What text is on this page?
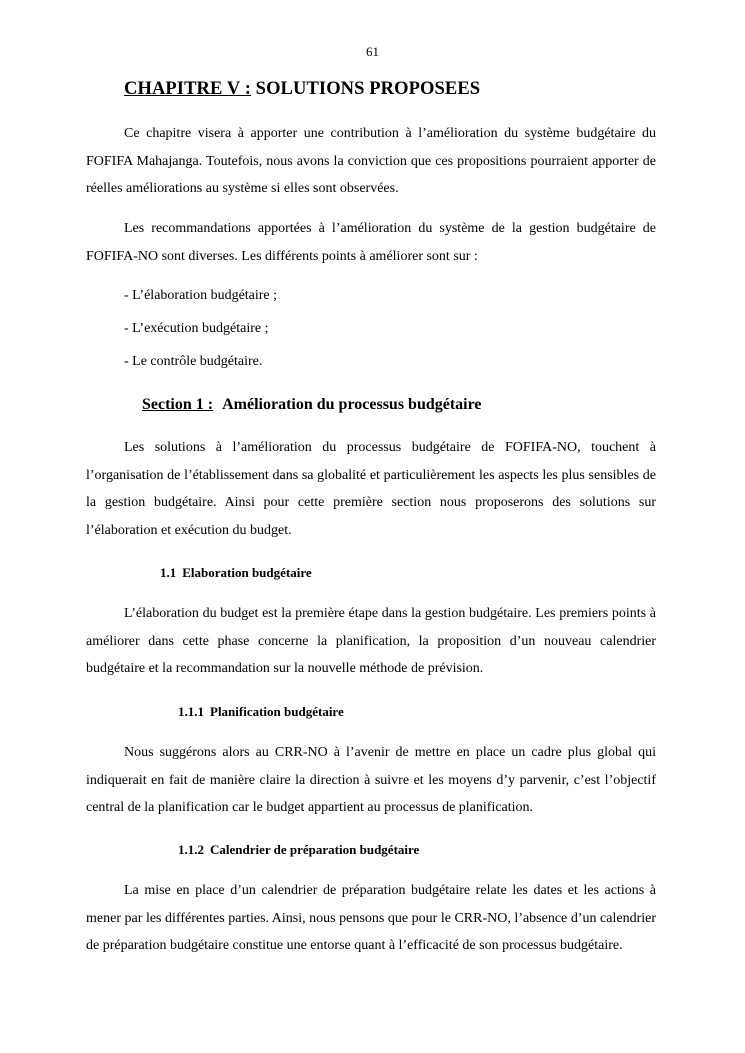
61
CHAPITRE V : SOLUTIONS PROPOSEES

Ce chapitre visera à apporter une contribution à l’amélioration du système budgétaire du FOFIFA Mahajanga. Toutefois, nous avons la conviction que ces propositions pourraient apporter de réelles améliorations au système si elles sont observées.

Les recommandations apportées à l’amélioration du système de la gestion budgétaire de FOFIFA-NO sont diverses. Les différents points à améliorer sont sur :

- L’élaboration budgétaire ;
- L’exécution budgétaire ;
- Le contrôle budgétaire.
Section 1 : Amélioration du processus budgétaire

Les solutions à l’amélioration du processus budgétaire de FOFIFA-NO, touchent à l’organisation de l’établissement dans sa globalité et particulièrement les aspects les plus sensibles de la gestion budgétaire. Ainsi pour cette première section nous proposerons des solutions sur l’élaboration et exécution du budget.

1.1 Elaboration budgétaire

L’élaboration du budget est la première étape dans la gestion budgétaire. Les premiers points à améliorer dans cette phase concerne la planification, la proposition d’un nouveau calendrier budgétaire et la recommandation sur la nouvelle méthode de prévision.

1.1.1 Planification budgétaire

Nous suggérons alors au CRR-NO à l’avenir de mettre en place un cadre plus global qui indiquerait en fait de manière claire la direction à suivre et les moyens d’y parvenir, c’est l’objectif central de la planification car le budget appartient au processus de planification.

1.1.2 Calendrier de préparation budgétaire

La mise en place d’un calendrier de préparation budgétaire relate les dates et les actions à mener par les différentes parties. Ainsi, nous pensons que pour le CRR-NO, l’absence d’un calendrier de préparation budgétaire constitue une entorse quant à l’efficacité de son processus budgétaire.
